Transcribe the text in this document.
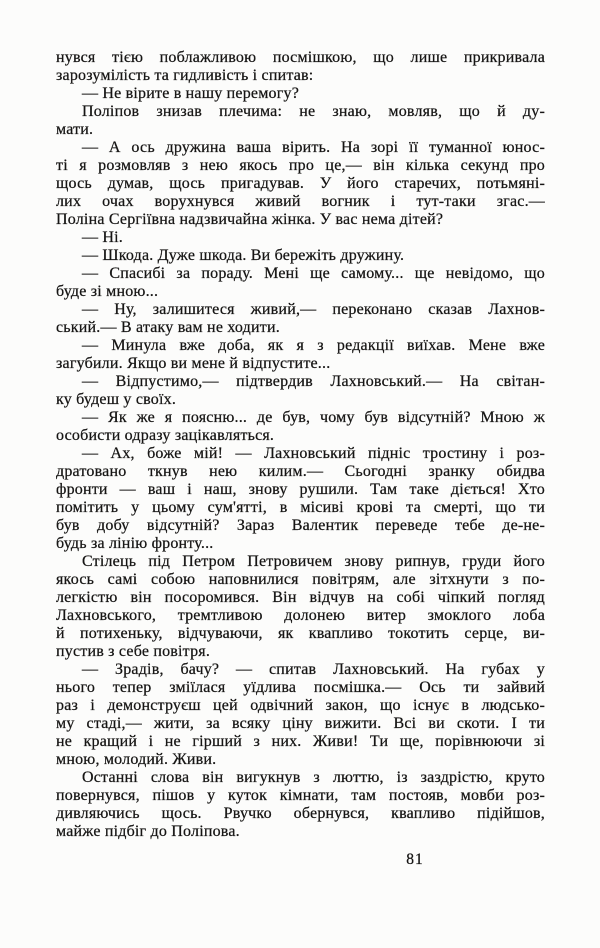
нувся тією поблажливою посмішкою, що лише прикривала
зарозумілість та гидливість і спитав:
— Не вірите в нашу перемогу?
Поліпов знизав плечима: не знаю, мовляв, що й ду-
мати.
— А ось дружина ваша вірить. На зорі її туманної юнос-
ті я розмовляв з нею якось про це,— він кілька секунд про
щось думав, щось пригадував. У його старечих, потьмяні-
лих очах ворухнувся живий вогник і тут-таки згас.—
Поліна Сергіївна надзвичайна жінка. У вас нема дітей?
— Ні.
— Шкода. Дуже шкода. Ви бережіть дружину.
— Спасибі за пораду. Мені ще самому... ще невідомо, що
буде зі мною...
— Ну, залишитеся живий,— переконано сказав Лахнов-
ський.— В атаку вам не ходити.
— Минула вже доба, як я з редакції виїхав. Мене вже
загубили. Якщо ви мене й відпустите...
— Відпустимо,— підтвердив Лахновський.— На світан-
ку будеш у своїх.
— Як же я поясню... де був, чому був відсутній? Мною ж
особисти одразу зацікавляться.
— Ах, боже мій! — Лахновський підніс тростину і роз-
дратовано ткнув нею килим.— Сьогодні зранку обидва
фронти — ваш і наш, знову рушили. Там таке діється! Хто
помітить у цьому сум'ятті, в місиві крові та смерті, що ти
був добу відсутній? Зараз Валентик переведе тебе де-не-
будь за лінію фронту...
Стілець під Петром Петровичем знову рипнув, груди його
якось самі собою наповнилися повітрям, але зітхнути з по-
легкістю він посоромився. Він відчув на собі чіпкий погляд
Лахновського, тремтливою долонею витер змоклого лоба
й потихеньку, відчуваючи, як квапливо токотить серце, ви-
пустив з себе повітря.
— Зрадів, бачу? — спитав Лахновський. На губах у
нього тепер зміїлася уїдлива посмішка.— Ось ти зайвий
раз і демонструєш цей одвічний закон, що існує в людсько-
му стаді,— жити, за всяку ціну вижити. Всі ви скоти. І ти
не кращий і не гірший з них. Живи! Ти ще, порівнюючи зі
мною, молодий. Живи.
Останні слова він вигукнув з люттю, із заздрістю, круто
повернувся, пішов у куток кімнати, там постояв, мовби роз-
дивляючись щось. Рвучко обернувся, квапливо підійшов,
майже підбіг до Поліпова.
81
